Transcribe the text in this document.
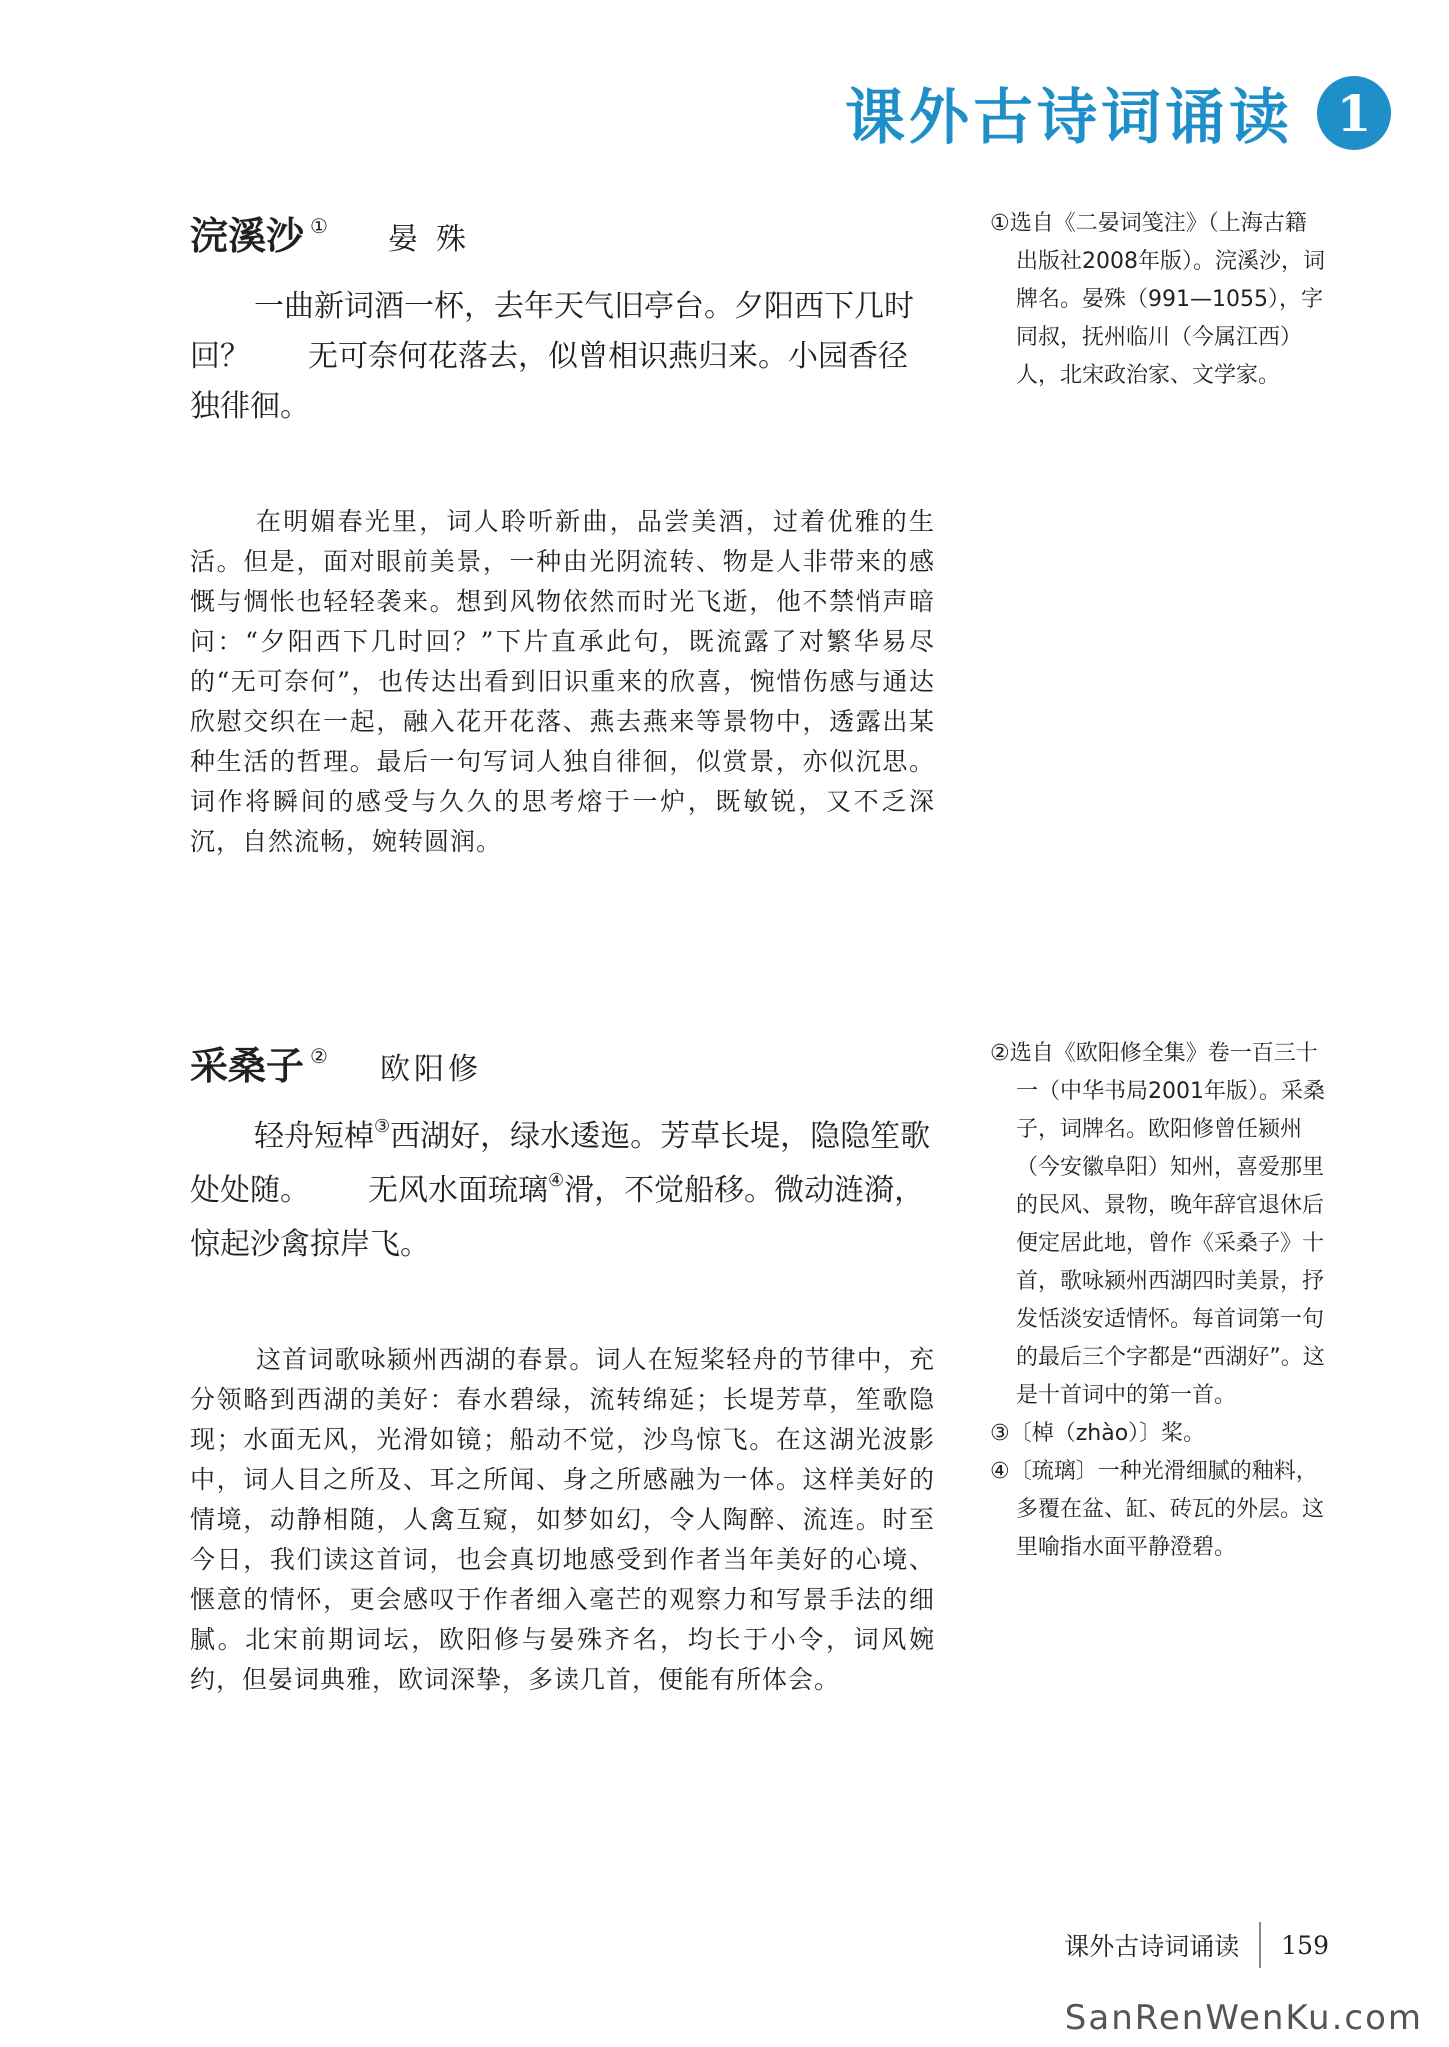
课外古诗词诵读 1
浣溪沙 ① 晏殊
一曲新词酒一杯，去年天气旧亭台。夕阳西下几时回？ 无可奈何花落去，似曾相识燕归来。小园香径独徘徊。
在明媚春光里，词人聆听新曲，品尝美酒，过着优雅的生活。但是，面对眼前美景，一种由光阴流转、物是人非带来的感慨与惆怅也轻轻袭来。想到风物依然而时光飞逝，他不禁悄声暗问：“夕阳西下几时回？”下片直承此句，既流露了对繁华易尽的“无可奈何”，也传达出看到旧识重来的欣喜，惋惜伤感与通达欣慰交织在一起，融入花开花落、燕去燕来等景物中，透露出某种生活的哲理。最后一句写词人独自徘徊，似赏景，亦似沉思。词作将瞬间的感受与久久的思考熔于一炉，既敏锐，又不乏深沉，自然流畅，婉转圆润。
采桑子 ② 欧阳修
轻舟短棹③西湖好，绿水逶迤。芳草长堤，隐隐笙歌处处随。 无风水面琉璃④滑，不觉船移。微动涟漪，惊起沙禽掠岸飞。
这首词歌咏颍州西湖的春景。词人在短桨轻舟的节律中，充分领略到西湖的美好：春水碧绿，流转绵延；长堤芳草，笙歌隐现；水面无风，光滑如镜；船动不觉，沙鸟惊飞。在这湖光波影中，词人目之所及、耳之所闻、身之所感融为一体。这样美好的情境，动静相随，人禽互窥，如梦如幻，令人陶醉、流连。时至今日，我们读这首词，也会真切地感受到作者当年美好的心境、惬意的情怀，更会感叹于作者细入毫芒的观察力和写景手法的细腻。北宋前期词坛，欧阳修与晏殊齐名，均长于小令，词风婉约，但晏词典雅，欧词深挚，多读几首，便能有所体会。
①选自《二晏词笺注》（上海古籍出版社2008年版）。浣溪沙，词牌名。晏殊（991—1055），字同叔，抚州临川（今属江西）人，北宋政治家、文学家。
②选自《欧阳修全集》卷一百三十一（中华书局2001年版）。采桑子，词牌名。欧阳修曾任颍州（今安徽阜阳）知州，喜爱那里的民风、景物，晚年辞官退休后便定居此地，曾作《采桑子》十首，歌咏颍州西湖四时美景，抒发恬淡安适情怀。每首词第一句的最后三个字都是“西湖好”。这是十首词中的第一首。
③〔棹（zhào）〕桨。
④〔琉璃〕一种光滑细腻的釉料，多覆在盆、缸、砖瓦的外层。这里喻指水面平静澄碧。
课外古诗词诵读 159
SanRenWenKu.com
